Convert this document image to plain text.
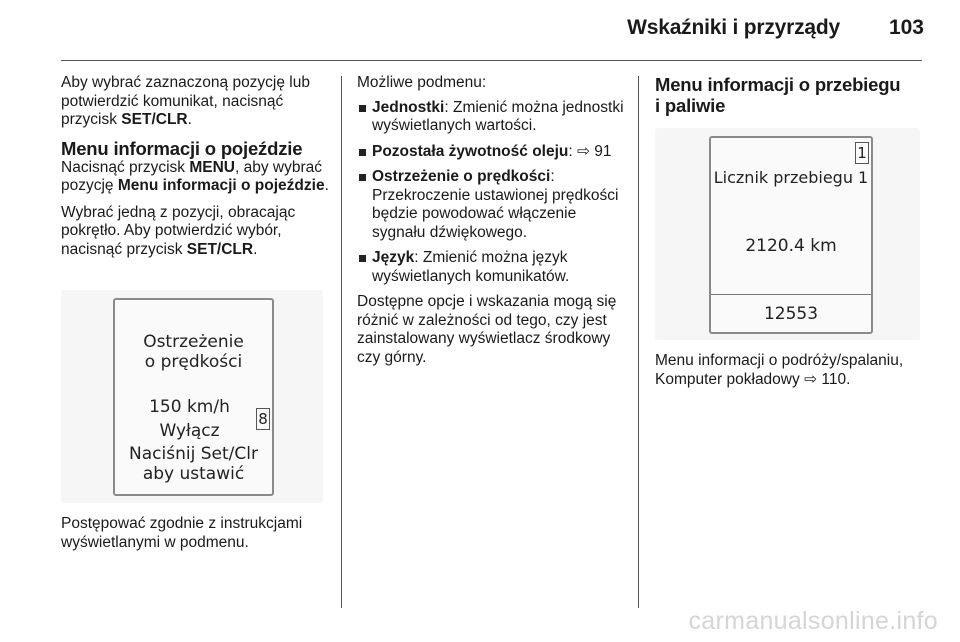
Wskaźniki i przyrządy 103

Aby wybrać zaznaczoną pozycję lub potwierdzić komunikat, nacisnąć przycisk SET/CLR.

Menu informacji o pojeździe

Nacisnąć przycisk MENU, aby wybrać pozycję Menu informacji o pojeździe.

Wybrać jedną z pozycji, obracając pokrętło. Aby potwierdzić wybór, nacisnąć przycisk SET/CLR.

Ostrzeżenie
o prędkości
150 km/h
Wyłącz
Naciśnij Set/Clr
aby ustawić
8

Postępować zgodnie z instrukcjami wyświetlanymi w podmenu.

Możliwe podmenu:

Jednostki: Zmienić można jednostki wyświetlanych wartości.
Pozostała żywotność oleju: ⇨ 91
Ostrzeżenie o prędkości: Przekroczenie ustawionej prędkości będzie powodować włączenie sygnału dźwiękowego.
Język: Zmienić można język wyświetlanych komunikatów.

Dostępne opcje i wskazania mogą się różnić w zależności od tego, czy jest zainstalowany wyświetlacz środkowy czy górny.

Menu informacji o przebiegu i paliwie
1
Licznik przebiegu 1
2120.4 km
12553

Menu informacji o podróży/spalaniu, Komputer pokładowy ⇨ 110.

carmanualsonline.info
